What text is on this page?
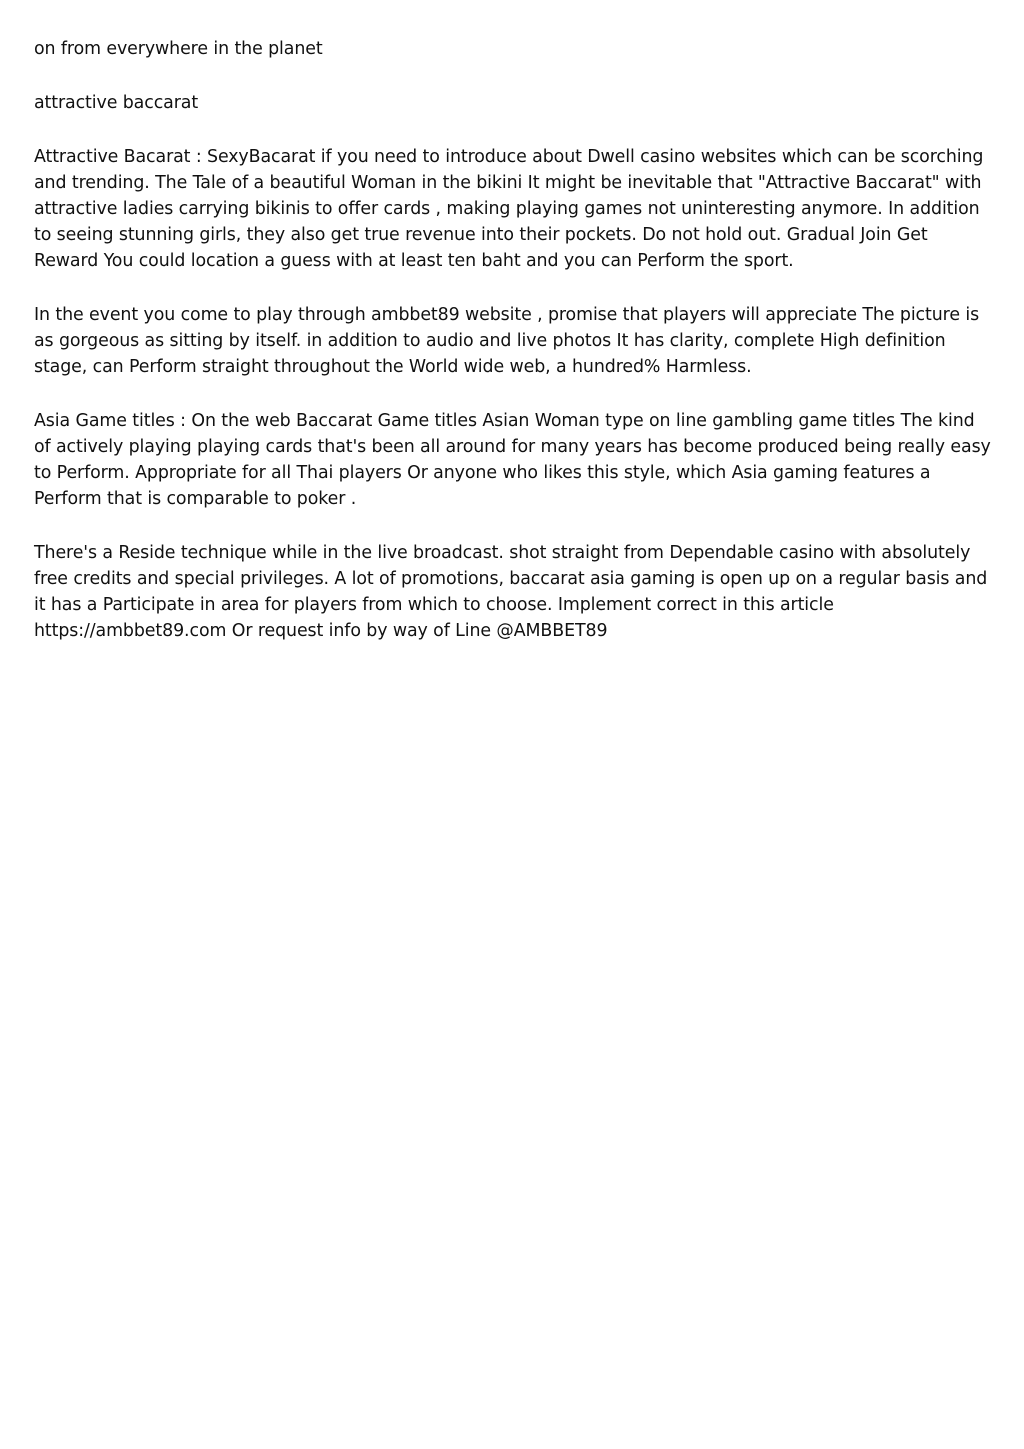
on from everywhere in the planet

attractive baccarat

Attractive Bacarat : SexyBacarat if you need to introduce about Dwell casino websites which can be scorching and trending. The Tale of a beautiful Woman in the bikini It might be inevitable that "Attractive Baccarat" with attractive ladies carrying bikinis to offer cards , making playing games not uninteresting anymore. In addition to seeing stunning girls, they also get true revenue into their pockets. Do not hold out. Gradual Join Get Reward You could location a guess with at least ten baht and you can Perform the sport.

In the event you come to play through ambbet89 website , promise that players will appreciate The picture is as gorgeous as sitting by itself. in addition to audio and live photos It has clarity, complete High definition stage, can Perform straight throughout the World wide web, a hundred% Harmless.

Asia Game titles : On the web Baccarat Game titles Asian Woman type on line gambling game titles The kind of actively playing playing cards that's been all around for many years has become produced being really easy to Perform. Appropriate for all Thai players Or anyone who likes this style, which Asia gaming features a Perform that is comparable to poker .

There's a Reside technique while in the live broadcast. shot straight from Dependable casino with absolutely free credits and special privileges. A lot of promotions, baccarat asia gaming is open up on a regular basis and it has a Participate in area for players from which to choose. Implement correct in this article https://ambbet89.com Or request info by way of Line @AMBBET89
